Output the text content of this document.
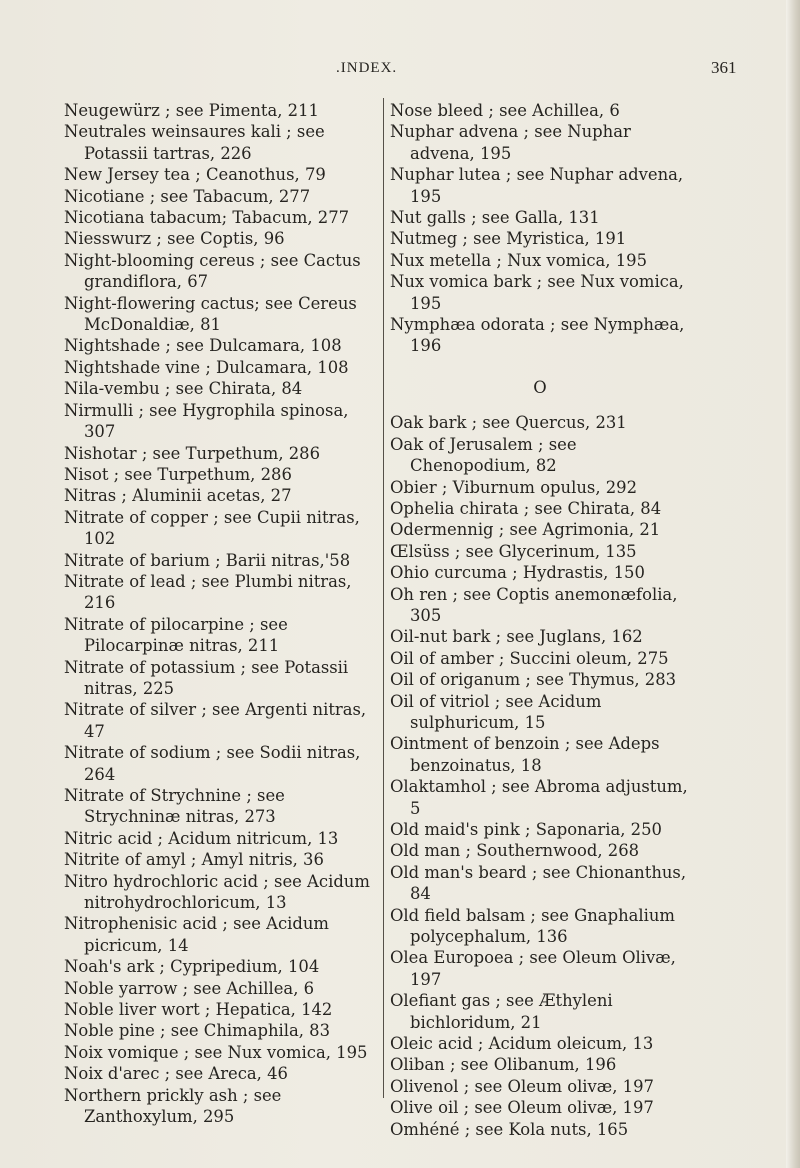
.INDEX.	361
Neugewürz ; see Pimenta, 211
Neutrales weinsaures kali ; see Potassii tartras, 226
New Jersey tea ; Ceanothus, 79
Nicotiane ; see Tabacum, 277
Nicotiana tabacum; Tabacum, 277
Niesswurz ; see Coptis, 96
Night-blooming cereus ; see Cactus grandiflora, 67
Night-flowering cactus; see Cereus McDonaldiæ, 81
Nightshade ; see Dulcamara, 108
Nightshade vine ; Dulcamara, 108
Nila-vembu ; see Chirata, 84
Nirmulli ; see Hygrophila spinosa, 307
Nishotar ; see Turpethum, 286
Nisot ; see Turpethum, 286
Nitras ; Aluminii acetas, 27
Nitrate of copper ; see Cupii nitras, 102
Nitrate of barium ; Barii nitras,'58
Nitrate of lead ; see Plumbi nitras, 216
Nitrate of pilocarpine ; see Pilocarpinæ nitras, 211
Nitrate of potassium ; see Potassii nitras, 225
Nitrate of silver ; see Argenti nitras, 47
Nitrate of sodium ; see Sodii nitras, 264
Nitrate of Strychnine ; see Strychninæ nitras, 273
Nitric acid ; Acidum nitricum, 13
Nitrite of amyl ; Amyl nitris, 36
Nitro hydrochloric acid ; see Acidum nitrohydrochloricum, 13
Nitrophenisic acid ; see Acidum picricum, 14
Noah's ark ; Cypripedium, 104
Noble yarrow ; see Achillea, 6
Noble liver wort ; Hepatica, 142
Noble pine ; see Chimaphila, 83
Noix vomique ; see Nux vomica, 195
Noix d'arec ; see Areca, 46
Northern prickly ash ; see Zanthoxylum, 295
Nose bleed ; see Achillea, 6
Nuphar advena ; see Nuphar advena, 195
Nuphar lutea ; see Nuphar advena, 195
Nut galls ; see Galla, 131
Nutmeg ; see Myristica, 191
Nux metella ; Nux vomica, 195
Nux vomica bark ; see Nux vomica, 195
Nymphæa odorata ; see Nymphæa, 196
O
Oak bark ; see Quercus, 231
Oak of Jerusalem ; see Chenopodium, 82
Obier ; Viburnum opulus, 292
Ophelia chirata ; see Chirata, 84
Odermennig ; see Agrimonia, 21
Œlsüss ; see Glycerinum, 135
Ohio curcuma ; Hydrastis, 150
Oh ren ; see Coptis anemonæfolia, 305
Oil-nut bark ; see Juglans, 162
Oil of amber ; Succini oleum, 275
Oil of origanum ; see Thymus, 283
Oil of vitriol ; see Acidum sulphuricum, 15
Ointment of benzoin ; see Adeps benzoinatus, 18
Olaktamhol ; see Abroma adjustum, 5
Old maid's pink ; Saponaria, 250
Old man ; Southernwood, 268
Old man's beard ; see Chionanthus, 84
Old field balsam ; see Gnaphalium polycephalum, 136
Olea Europoea ; see Oleum Olivæ, 197
Olefiant gas ; see Æthyleni bichloridum, 21
Oleic acid ; Acidum oleicum, 13
Oliban ; see Olibanum, 196
Olivenol ; see Oleum olivæ, 197
Olive oil ; see Oleum olivæ, 197
Omhéné ; see Kola nuts, 165
